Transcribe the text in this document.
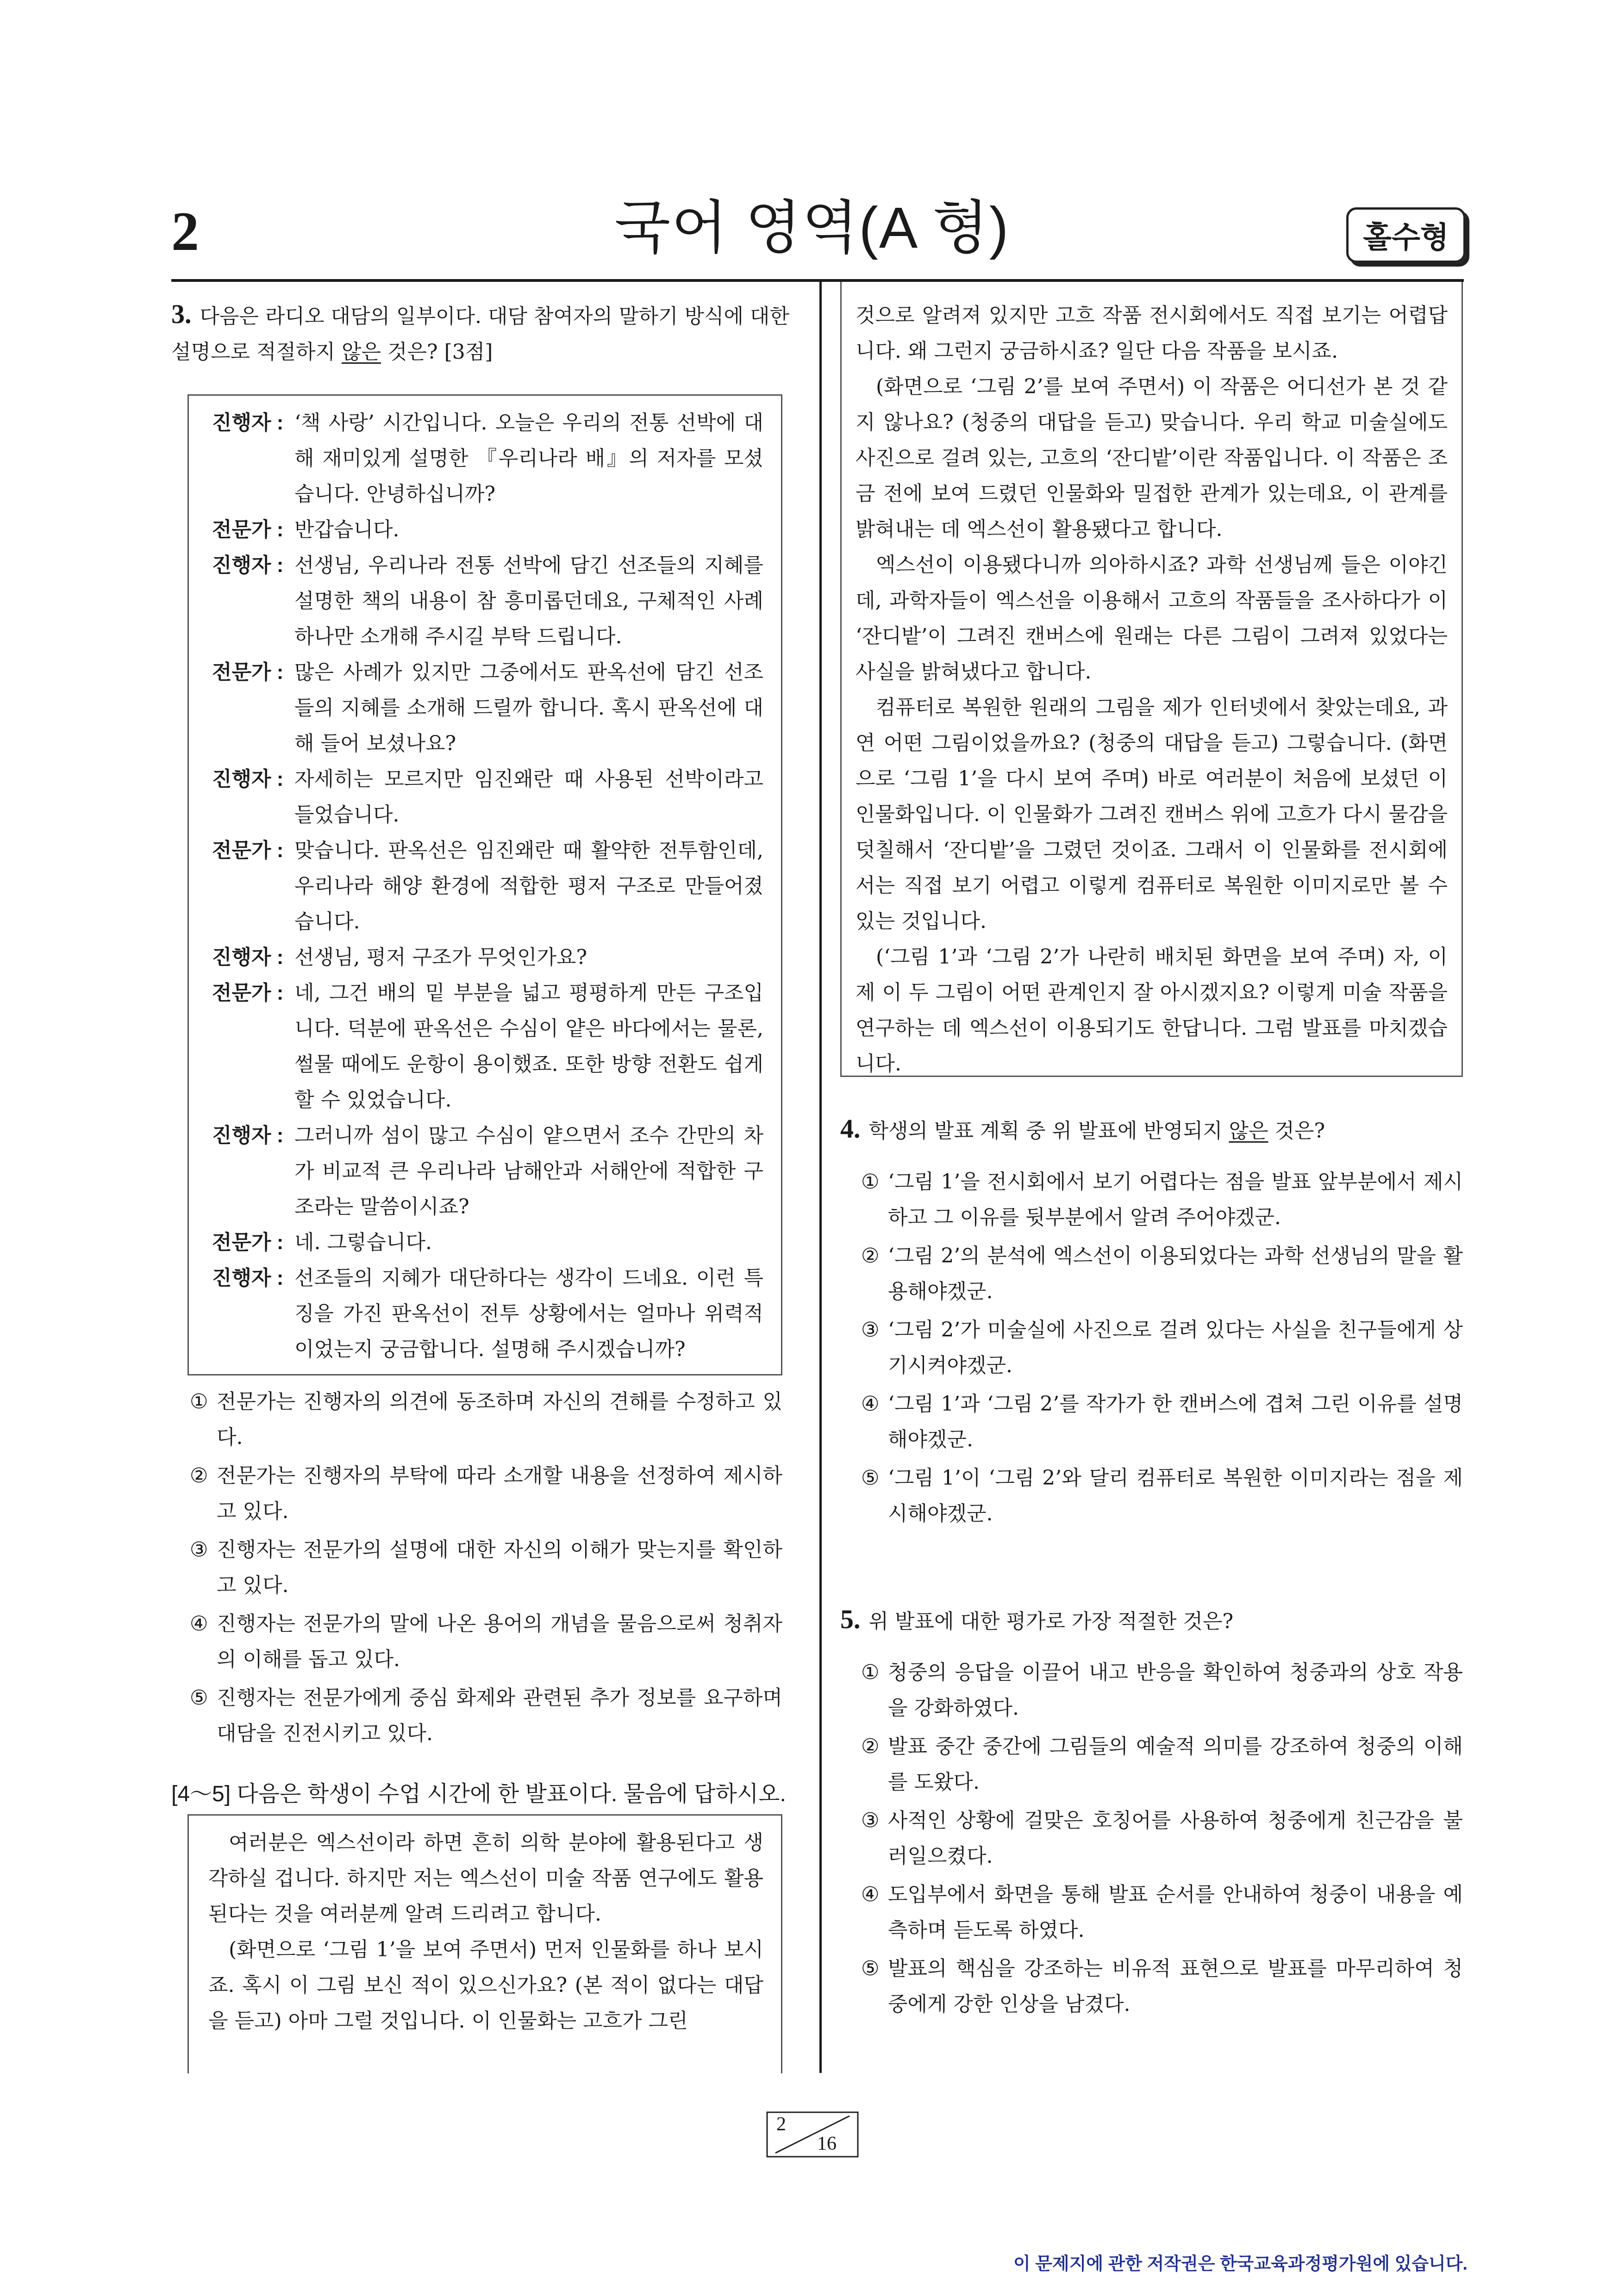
2	국어 영역(A 형)	홀수형
3. 다음은 라디오 대담의 일부이다. 대담 참여자의 말하기 방식에 대한 설명으로 적절하지 않은 것은? [3점]
진행자 : ‘책 사랑’ 시간입니다. 오늘은 우리의 전통 선박에 대해 재미있게 설명한 『우리나라 배』의 저자를 모셨습니다. 안녕하십니까?
전문가 : 반갑습니다.
진행자 : 선생님, 우리나라 전통 선박에 담긴 선조들의 지혜를 설명한 책의 내용이 참 흥미롭던데요, 구체적인 사례 하나만 소개해 주시길 부탁 드립니다.
전문가 : 많은 사례가 있지만 그중에서도 판옥선에 담긴 선조들의 지혜를 소개해 드릴까 합니다. 혹시 판옥선에 대해 들어 보셨나요?
진행자 : 자세히는 모르지만 임진왜란 때 사용된 선박이라고 들었습니다.
전문가 : 맞습니다. 판옥선은 임진왜란 때 활약한 전투함인데, 우리나라 해양 환경에 적합한 평저 구조로 만들어졌습니다.
진행자 : 선생님, 평저 구조가 무엇인가요?
전문가 : 네, 그건 배의 밑 부분을 넓고 평평하게 만든 구조입니다. 덕분에 판옥선은 수심이 얕은 바다에서는 물론, 썰물 때에도 운항이 용이했죠. 또한 방향 전환도 쉽게 할 수 있었습니다.
진행자 : 그러니까 섬이 많고 수심이 얕으면서 조수 간만의 차가 비교적 큰 우리나라 남해안과 서해안에 적합한 구조라는 말씀이시죠?
전문가 : 네. 그렇습니다.
진행자 : 선조들의 지혜가 대단하다는 생각이 드네요. 이런 특징을 가진 판옥선이 전투 상황에서는 얼마나 위력적이었는지 궁금합니다. 설명해 주시겠습니까?
① 전문가는 진행자의 의견에 동조하며 자신의 견해를 수정하고 있다.
② 전문가는 진행자의 부탁에 따라 소개할 내용을 선정하여 제시하고 있다.
③ 진행자는 전문가의 설명에 대한 자신의 이해가 맞는지를 확인하고 있다.
④ 진행자는 전문가의 말에 나온 용어의 개념을 물음으로써 청취자의 이해를 돕고 있다.
⑤ 진행자는 전문가에게 중심 화제와 관련된 추가 정보를 요구하며 대담을 진전시키고 있다.
[4～5] 다음은 학생이 수업 시간에 한 발표이다. 물음에 답하시오.

여러분은 엑스선이라 하면 흔히 의학 분야에 활용된다고 생각하실 겁니다. 하지만 저는 엑스선이 미술 작품 연구에도 활용된다는 것을 여러분께 알려 드리려고 합니다.

(화면으로 ‘그림 1’을 보여 주면서) 먼저 인물화를 하나 보시죠. 혹시 이 그림 보신 적이 있으신가요? (본 적이 없다는 대답을 듣고) 아마 그럴 것입니다. 이 인물화는 고흐가 그린

것으로 알려져 있지만 고흐 작품 전시회에서도 직접 보기는 어렵답니다. 왜 그런지 궁금하시죠? 일단 다음 작품을 보시죠.

(화면으로 ‘그림 2’를 보여 주면서) 이 작품은 어디선가 본 것 같지 않나요? (청중의 대답을 듣고) 맞습니다. 우리 학교 미술실에도 사진으로 걸려 있는, 고흐의 ‘잔디밭’이란 작품입니다. 이 작품은 조금 전에 보여 드렸던 인물화와 밀접한 관계가 있는데요, 이 관계를 밝혀내는 데 엑스선이 활용됐다고 합니다.

엑스선이 이용됐다니까 의아하시죠? 과학 선생님께 들은 이야긴데, 과학자들이 엑스선을 이용해서 고흐의 작품들을 조사하다가 이 ‘잔디밭’이 그려진 캔버스에 원래는 다른 그림이 그려져 있었다는 사실을 밝혀냈다고 합니다.

컴퓨터로 복원한 원래의 그림을 제가 인터넷에서 찾았는데요, 과연 어떤 그림이었을까요? (청중의 대답을 듣고) 그렇습니다. (화면으로 ‘그림 1’을 다시 보여 주며) 바로 여러분이 처음에 보셨던 이 인물화입니다. 이 인물화가 그려진 캔버스 위에 고흐가 다시 물감을 덧칠해서 ‘잔디밭’을 그렸던 것이죠. 그래서 이 인물화를 전시회에서는 직접 보기 어렵고 이렇게 컴퓨터로 복원한 이미지로만 볼 수 있는 것입니다.

(‘그림 1’과 ‘그림 2’가 나란히 배치된 화면을 보여 주며) 자, 이제 이 두 그림이 어떤 관계인지 잘 아시겠지요? 이렇게 미술 작품을 연구하는 데 엑스선이 이용되기도 한답니다. 그럼 발표를 마치겠습니다.

4. 학생의 발표 계획 중 위 발표에 반영되지 않은 것은?
① ‘그림 1’을 전시회에서 보기 어렵다는 점을 발표 앞부분에서 제시하고 그 이유를 뒷부분에서 알려 주어야겠군.
② ‘그림 2’의 분석에 엑스선이 이용되었다는 과학 선생님의 말을 활용해야겠군.
③ ‘그림 2’가 미술실에 사진으로 걸려 있다는 사실을 친구들에게 상기시켜야겠군.
④ ‘그림 1’과 ‘그림 2’를 작가가 한 캔버스에 겹쳐 그린 이유를 설명해야겠군.
⑤ ‘그림 1’이 ‘그림 2’와 달리 컴퓨터로 복원한 이미지라는 점을 제시해야겠군.
5. 위 발표에 대한 평가로 가장 적절한 것은?
① 청중의 응답을 이끌어 내고 반응을 확인하여 청중과의 상호 작용을 강화하였다.
② 발표 중간 중간에 그림들의 예술적 의미를 강조하여 청중의 이해를 도왔다.
③ 사적인 상황에 걸맞은 호칭어를 사용하여 청중에게 친근감을 불러일으켰다.
④ 도입부에서 화면을 통해 발표 순서를 안내하여 청중이 내용을 예측하며 듣도록 하였다.
⑤ 발표의 핵심을 강조하는 비유적 표현으로 발표를 마무리하여 청중에게 강한 인상을 남겼다.
2
16
이 문제지에 관한 저작권은 한국교육과정평가원에 있습니다.
